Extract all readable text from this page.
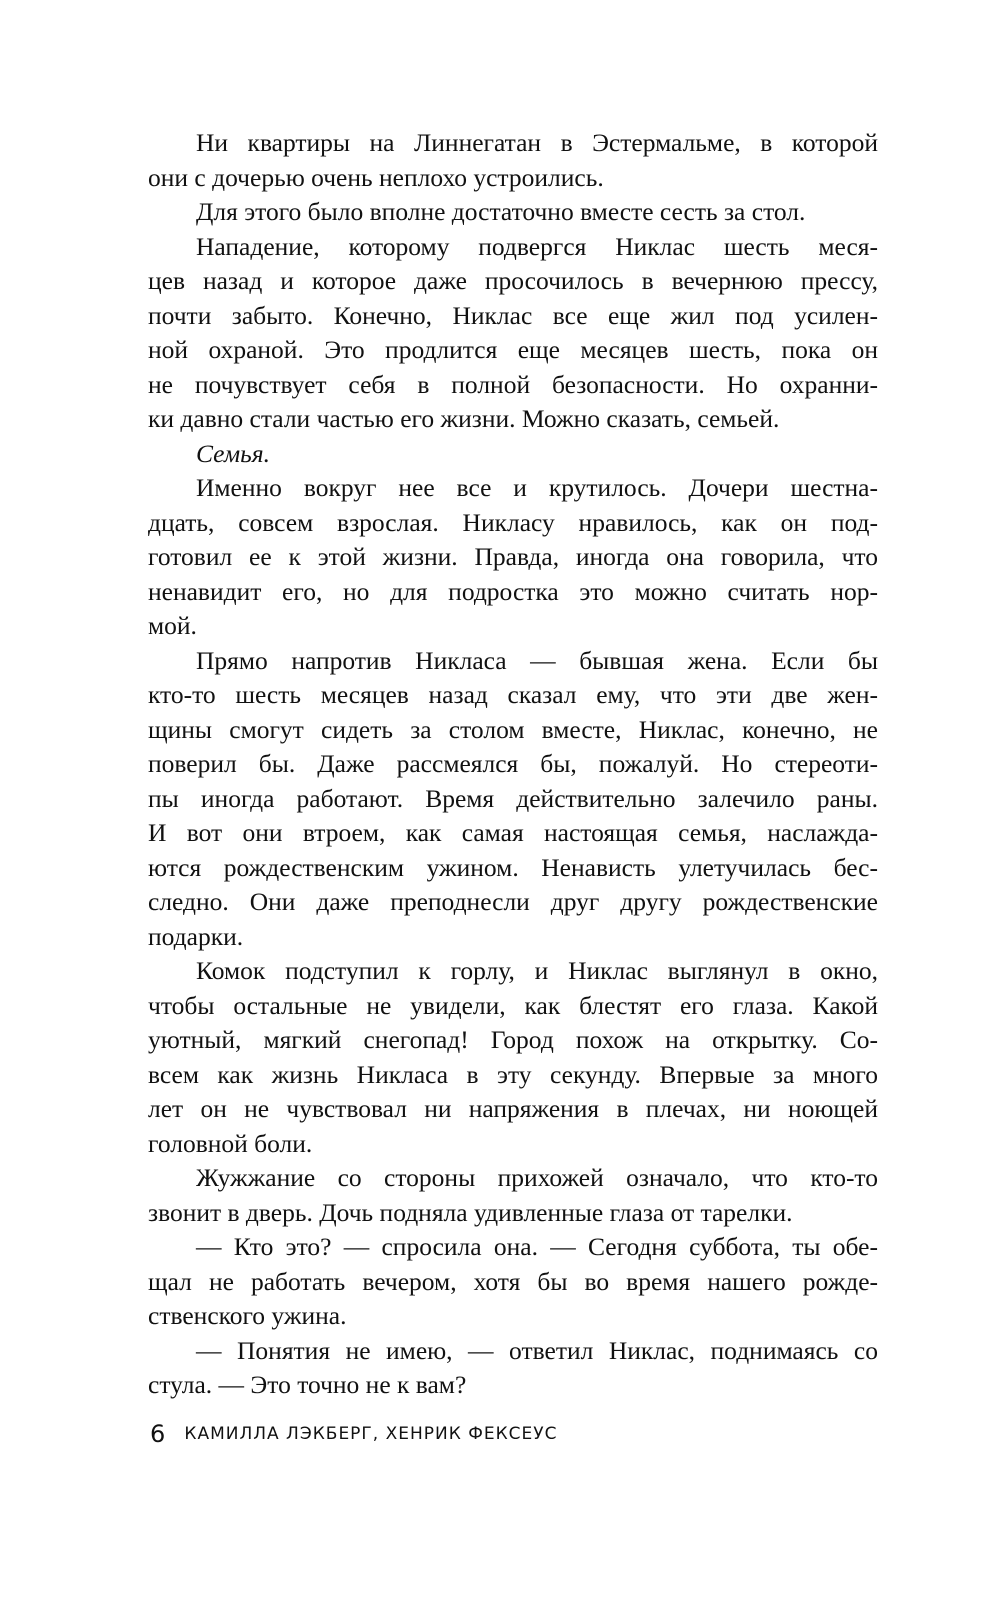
Ни квартиры на Линнегатан в Эстермальме, в которой
они с дочерью очень неплохо устроились.
Для этого было вполне достаточно вместе сесть за стол.
Нападение, которому подвергся Никлас шесть меся-
цев назад и которое даже просочилось в вечернюю прессу,
почти забыто. Конечно, Никлас все еще жил под усилен-
ной охраной. Это продлится еще месяцев шесть, пока он
не почувствует себя в полной безопасности. Но охранни-
ки давно стали частью его жизни. Можно сказать, семьей.
Семья.
Именно вокруг нее все и крутилось. Дочери шестна-
дцать, совсем взрослая. Никласу нравилось, как он под-
готовил ее к этой жизни. Правда, иногда она говорила, что
ненавидит его, но для подростка это можно считать нор-
мой.
Прямо напротив Никласа — бывшая жена. Если бы
кто-то шесть месяцев назад сказал ему, что эти две жен-
щины смогут сидеть за столом вместе, Никлас, конечно, не
поверил бы. Даже рассмеялся бы, пожалуй. Но стереоти-
пы иногда работают. Время действительно залечило раны.
И вот они втроем, как самая настоящая семья, наслажда-
ются рождественским ужином. Ненависть улетучилась бес-
следно. Они даже преподнесли друг другу рождественские
подарки.
Комок подступил к горлу, и Никлас выглянул в окно,
чтобы остальные не увидели, как блестят его глаза. Какой
уютный, мягкий снегопад! Город похож на открытку. Со-
всем как жизнь Никласа в эту секунду. Впервые за много
лет он не чувствовал ни напряжения в плечах, ни ноющей
головной боли.
Жужжание со стороны прихожей означало, что кто-то
звонит в дверь. Дочь подняла удивленные глаза от тарелки.
— Кто это? — спросила она. — Сегодня суббота, ты обе-
щал не работать вечером, хотя бы во время нашего рожде-
ственского ужина.
— Понятия не имею, — ответил Никлас, поднимаясь со
стула. — Это точно не к вам?
6 КАМИЛЛА ЛЭКБЕРГ, ХЕНРИК ФЕКСЕУС
